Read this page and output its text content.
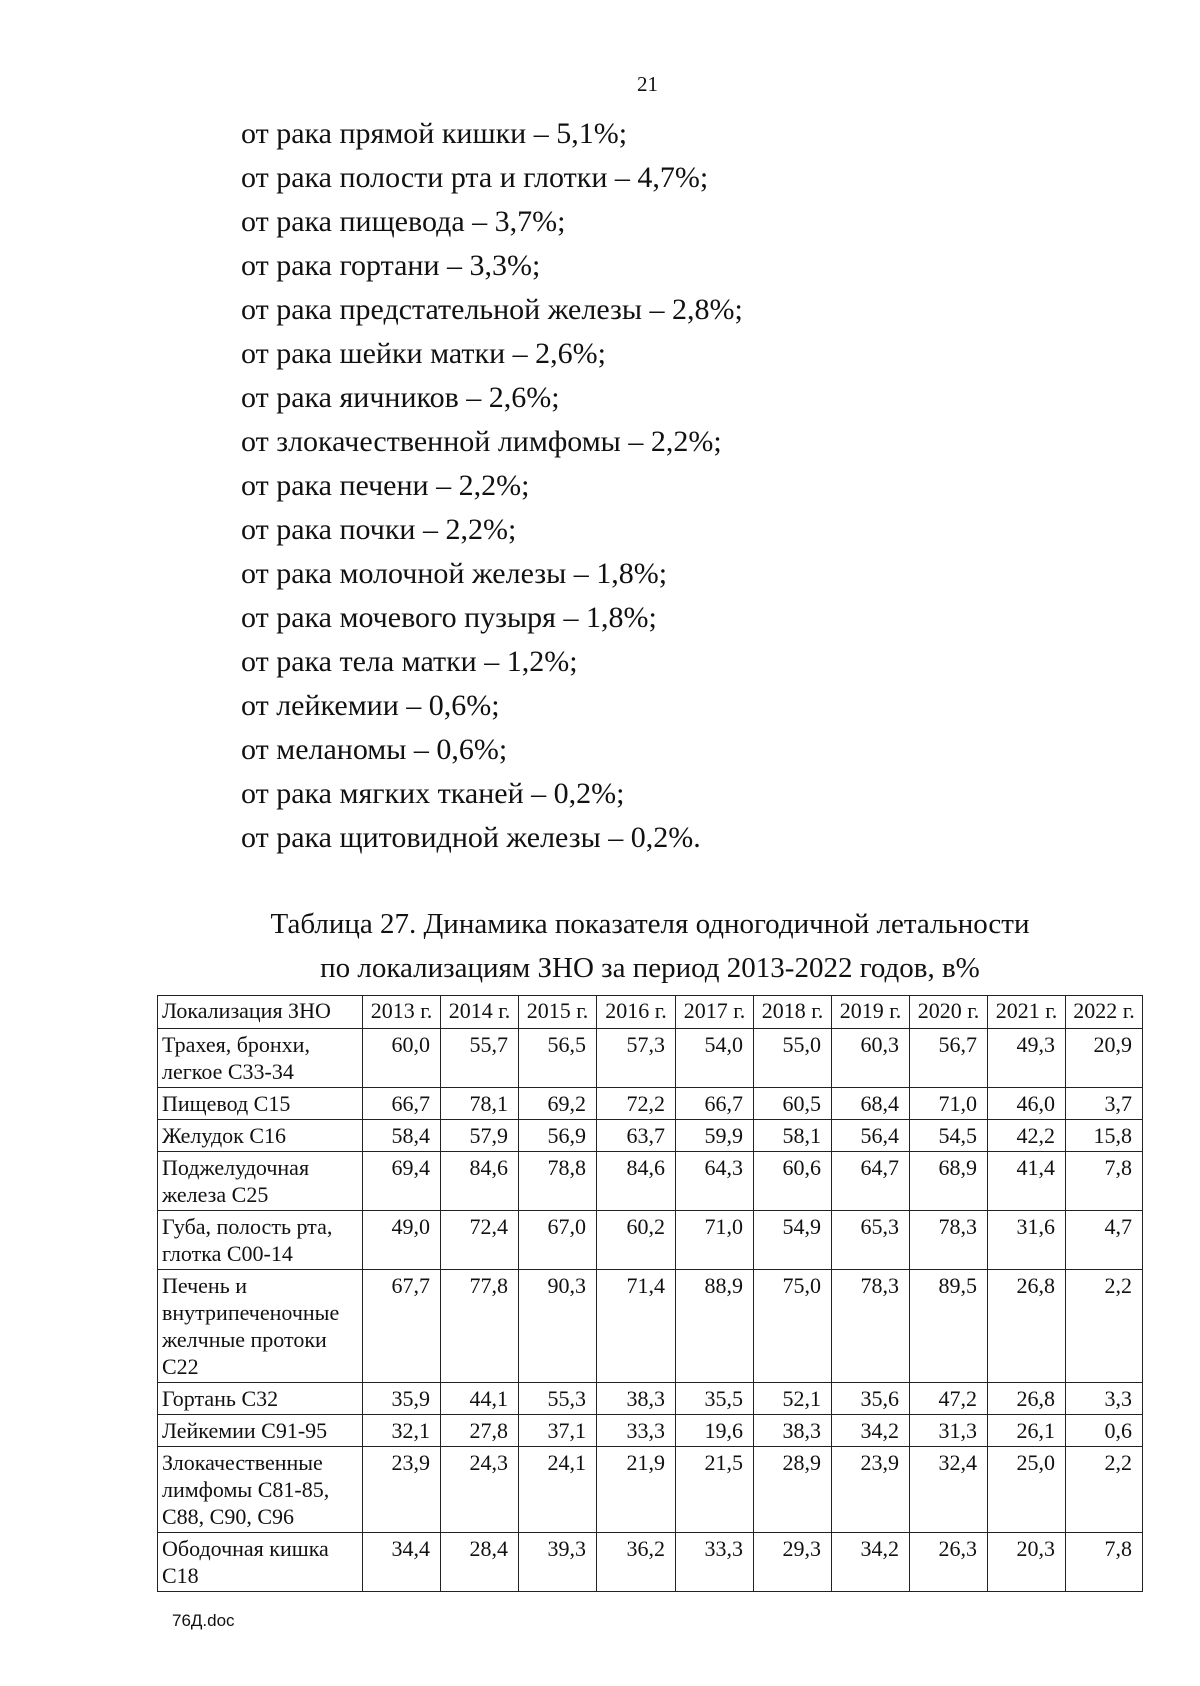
21
от рака прямой кишки – 5,1%;
от рака полости рта и глотки – 4,7%;
от рака пищевода – 3,7%;
от рака гортани – 3,3%;
от рака предстательной железы – 2,8%;
от рака шейки матки – 2,6%;
от рака яичников – 2,6%;
от злокачественной лимфомы – 2,2%;
от рака печени – 2,2%;
от рака почки – 2,2%;
от рака молочной железы – 1,8%;
от рака мочевого пузыря – 1,8%;
от рака тела матки – 1,2%;
от лейкемии – 0,6%;
от меланомы – 0,6%;
от рака мягких тканей – 0,2%;
от рака щитовидной железы – 0,2%.
Таблица 27. Динамика показателя одногодичной летальности
по локализациям ЗНО за период 2013-2022 годов, в%
Локализация ЗНО	2013 г.	2014 г.	2015 г.	2016 г.	2017 г.	2018 г.	2019 г.	2020 г.	2021 г.	2022 г.
Трахея, бронхи, легкое С33-34	60,0	55,7	56,5	57,3	54,0	55,0	60,3	56,7	49,3	20,9
Пищевод С15	66,7	78,1	69,2	72,2	66,7	60,5	68,4	71,0	46,0	3,7
Желудок С16	58,4	57,9	56,9	63,7	59,9	58,1	56,4	54,5	42,2	15,8
Поджелудочная железа С25	69,4	84,6	78,8	84,6	64,3	60,6	64,7	68,9	41,4	7,8
Губа, полость рта, глотка С00-14	49,0	72,4	67,0	60,2	71,0	54,9	65,3	78,3	31,6	4,7
Печень и внутрипеченочные желчные протоки С22	67,7	77,8	90,3	71,4	88,9	75,0	78,3	89,5	26,8	2,2
Гортань С32	35,9	44,1	55,3	38,3	35,5	52,1	35,6	47,2	26,8	3,3
Лейкемии С91-95	32,1	27,8	37,1	33,3	19,6	38,3	34,2	31,3	26,1	0,6
Злокачественные лимфомы С81-85, С88, С90, С96	23,9	24,3	24,1	21,9	21,5	28,9	23,9	32,4	25,0	2,2
Ободочная кишка С18	34,4	28,4	39,3	36,2	33,3	29,3	34,2	26,3	20,3	7,8
76Д.doc
